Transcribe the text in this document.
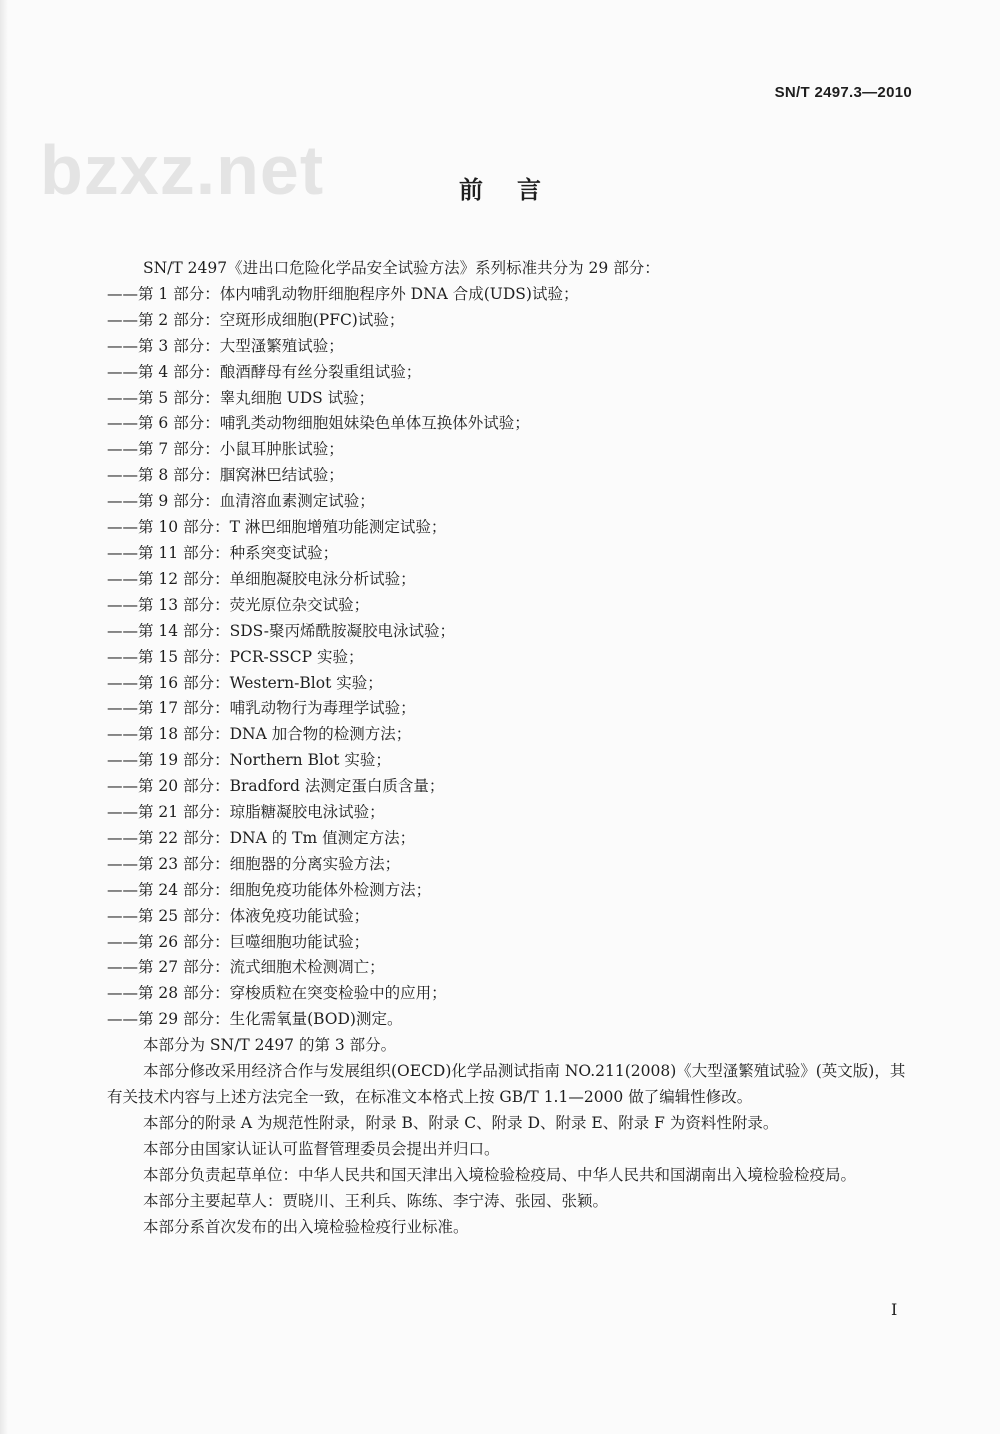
SN/T 2497.3—2010
bzxz.net	前言

SN/T 2497《进出口危险化学品安全试验方法》系列标准共分为 29 部分：

——第 1 部分：体内哺乳动物肝细胞程序外 DNA 合成(UDS)试验；

——第 2 部分：空斑形成细胞(PFC)试验；

——第 3 部分：大型溞繁殖试验；

——第 4 部分：酿酒酵母有丝分裂重组试验；

——第 5 部分：睾丸细胞 UDS 试验；

——第 6 部分：哺乳类动物细胞姐妹染色单体互换体外试验；

——第 7 部分：小鼠耳肿胀试验；

——第 8 部分：腘窝淋巴结试验；

——第 9 部分：血清溶血素测定试验；

——第 10 部分：T 淋巴细胞增殖功能测定试验；

——第 11 部分：种系突变试验；

——第 12 部分：单细胞凝胶电泳分析试验；

——第 13 部分：荧光原位杂交试验；

——第 14 部分：SDS-聚丙烯酰胺凝胶电泳试验；

——第 15 部分：PCR-SSCP 实验；

——第 16 部分：Western-Blot 实验；

——第 17 部分：哺乳动物行为毒理学试验；

——第 18 部分：DNA 加合物的检测方法；

——第 19 部分：Northern Blot 实验；

——第 20 部分：Bradford 法测定蛋白质含量；

——第 21 部分：琼脂糖凝胶电泳试验；

——第 22 部分：DNA 的 Tm 值测定方法；

——第 23 部分：细胞器的分离实验方法；

——第 24 部分：细胞免疫功能体外检测方法；

——第 25 部分：体液免疫功能试验；

——第 26 部分：巨噬细胞功能试验；

——第 27 部分：流式细胞术检测凋亡；

——第 28 部分：穿梭质粒在突变检验中的应用；

——第 29 部分：生化需氧量(BOD)测定。

本部分为 SN/T 2497 的第 3 部分。

本部分修改采用经济合作与发展组织(OECD)化学品测试指南 NO.211(2008)《大型溞繁殖试验》(英文版)，其有关技术内容与上述方法完全一致，在标准文本格式上按 GB/T 1.1—2000 做了编辑性修改。

本部分的附录 A 为规范性附录，附录 B、附录 C、附录 D、附录 E、附录 F 为资料性附录。

本部分由国家认证认可监督管理委员会提出并归口。

本部分负责起草单位：中华人民共和国天津出入境检验检疫局、中华人民共和国湖南出入境检验检疫局。

本部分主要起草人：贾晓川、王利兵、陈练、李宁涛、张园、张颖。

本部分系首次发布的出入境检验检疫行业标准。

I
